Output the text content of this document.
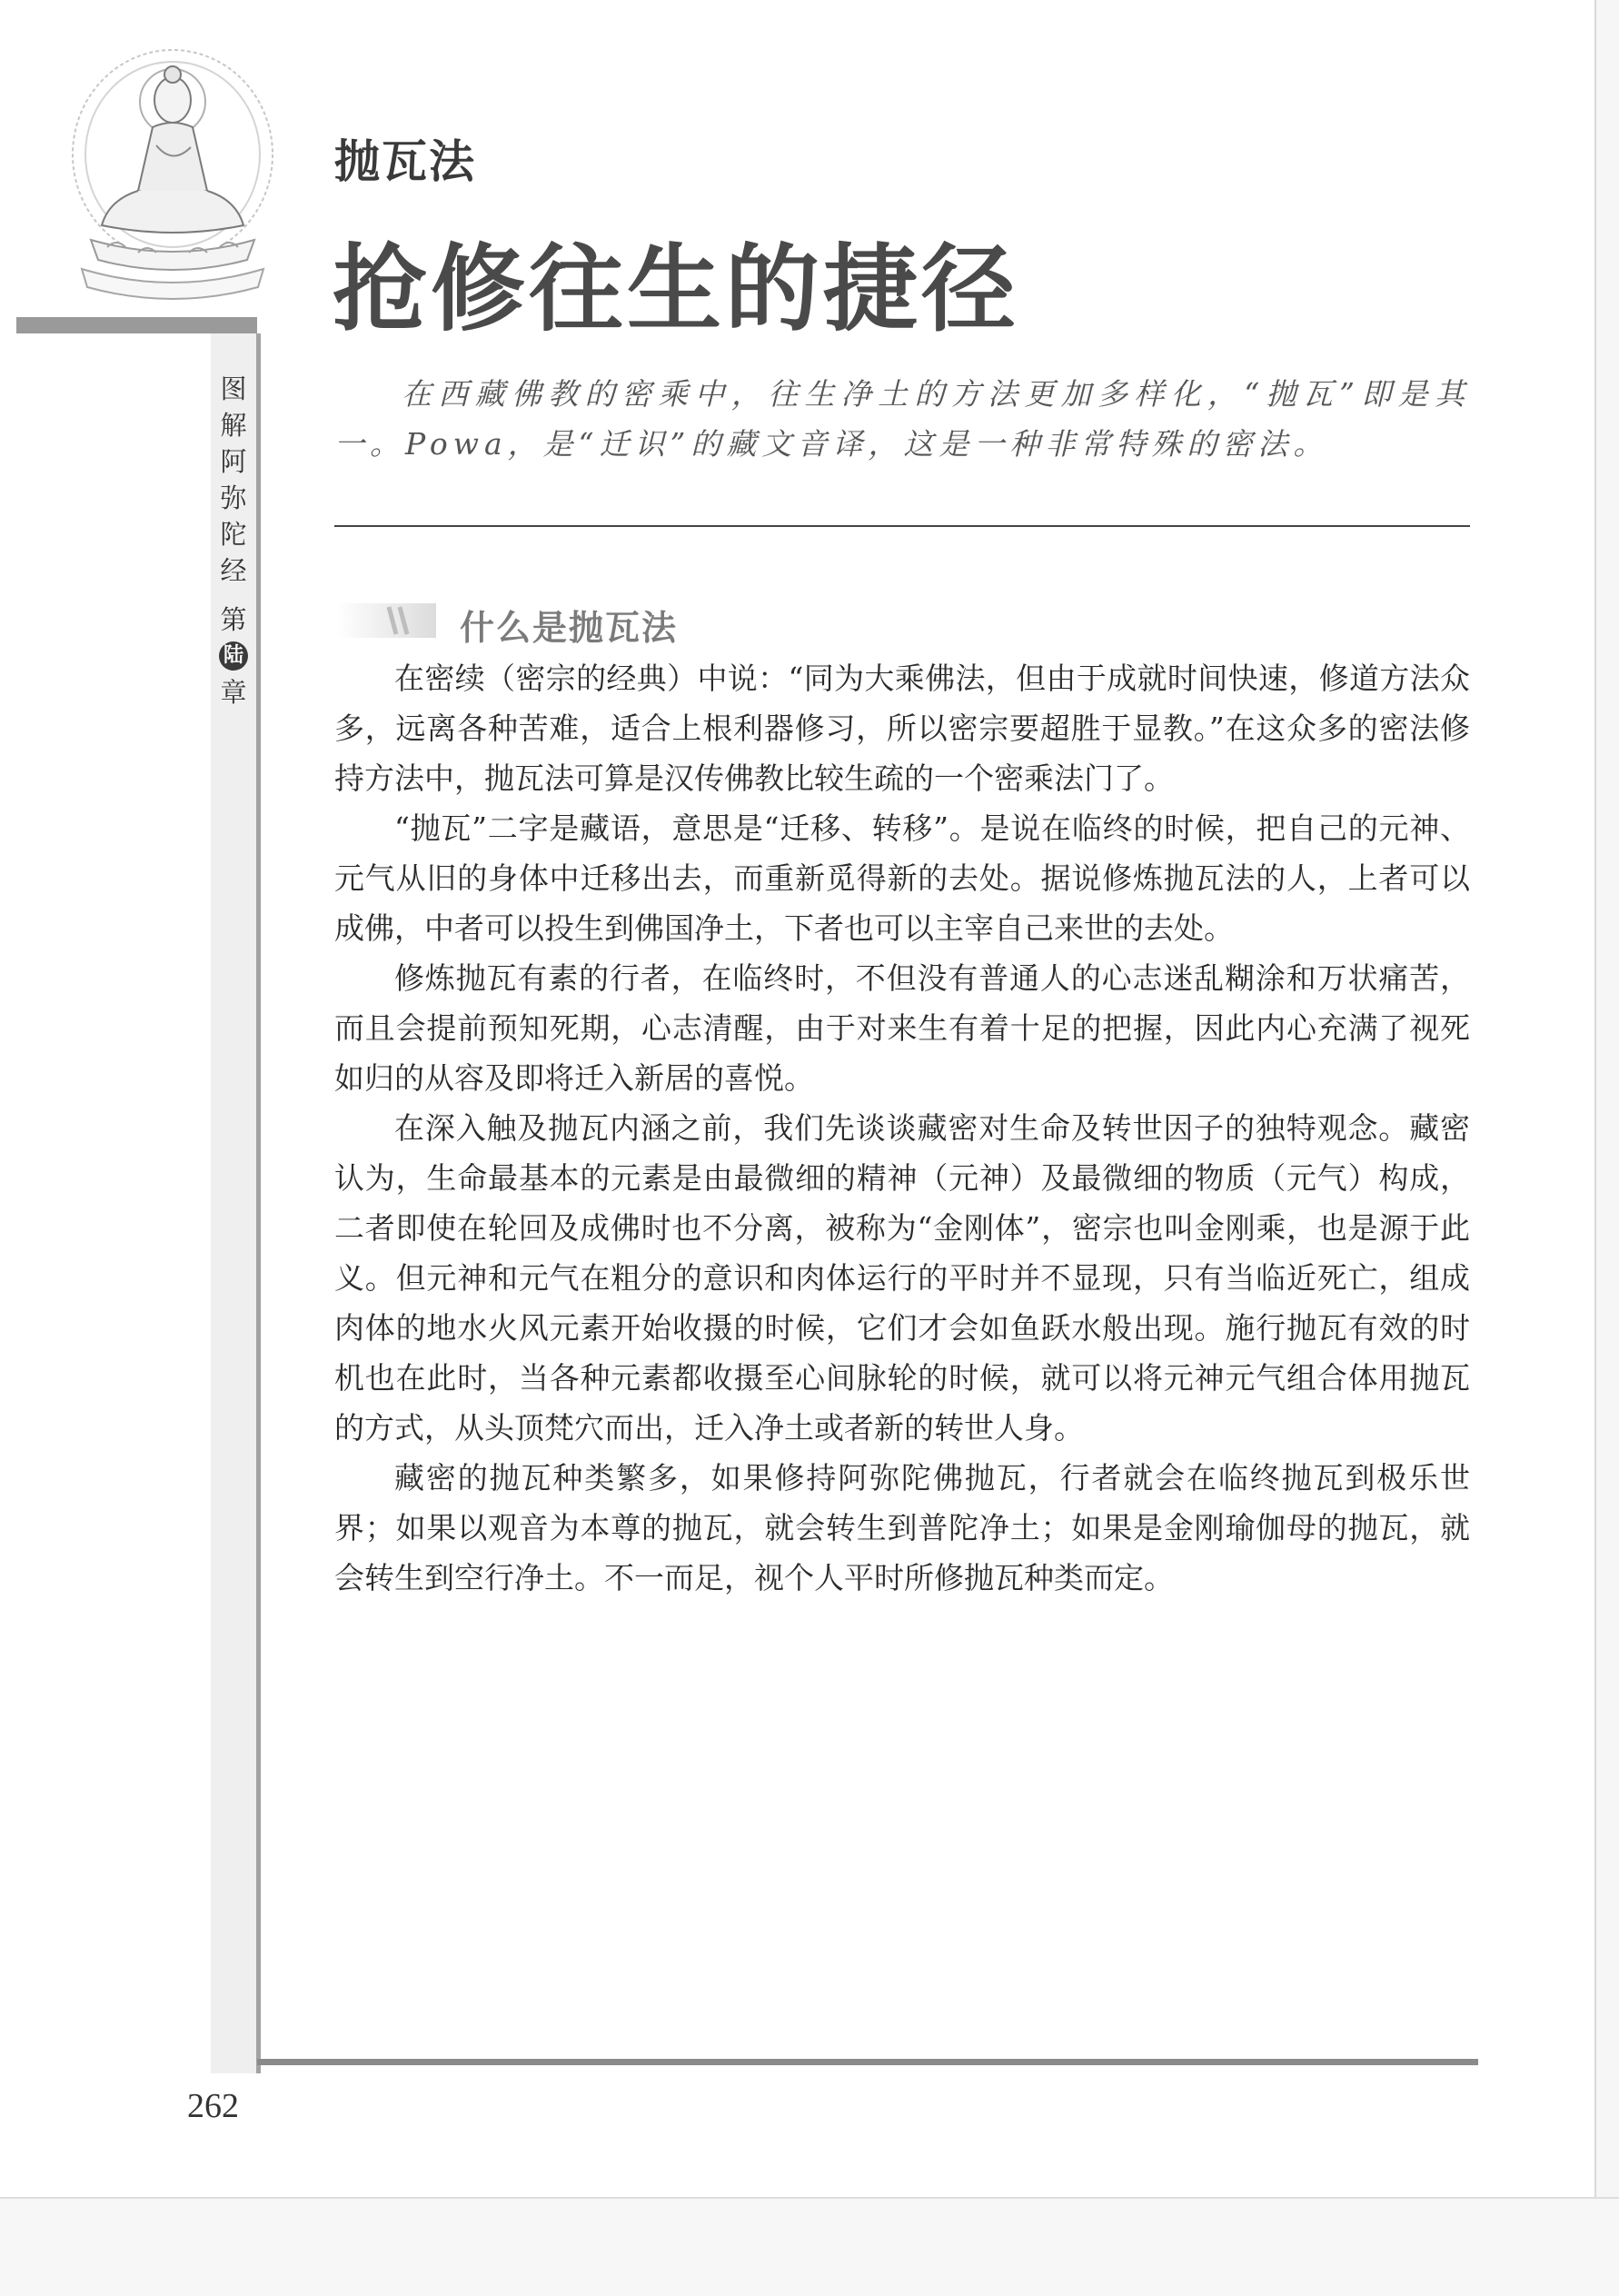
抛瓦法
抢修往生的捷径
图
解
阿
弥
陀
经
第
陆
章

在西藏佛教的密乘中，往生净土的方法更加多样化，“抛瓦”即是其一。Powa，是“迁识”的藏文音译，这是一种非常特殊的密法。

什么是抛瓦法

在密续（密宗的经典）中说：“同为大乘佛法，但由于成就时间快速，修道方法众多，远离各种苦难，适合上根利器修习，所以密宗要超胜于显教。”在这众多的密法修持方法中，抛瓦法可算是汉传佛教比较生疏的一个密乘法门了。

“抛瓦”二字是藏语，意思是“迁移、转移”。是说在临终的时候，把自己的元神、元气从旧的身体中迁移出去，而重新觅得新的去处。据说修炼抛瓦法的人，上者可以成佛，中者可以投生到佛国净土，下者也可以主宰自己来世的去处。

修炼抛瓦有素的行者，在临终时，不但没有普通人的心志迷乱糊涂和万状痛苦，而且会提前预知死期，心志清醒，由于对来生有着十足的把握，因此内心充满了视死如归的从容及即将迁入新居的喜悦。

在深入触及抛瓦内涵之前，我们先谈谈藏密对生命及转世因子的独特观念。藏密认为，生命最基本的元素是由最微细的精神（元神）及最微细的物质（元气）构成，二者即使在轮回及成佛时也不分离，被称为“金刚体”，密宗也叫金刚乘，也是源于此义。但元神和元气在粗分的意识和肉体运行的平时并不显现，只有当临近死亡，组成肉体的地水火风元素开始收摄的时候，它们才会如鱼跃水般出现。施行抛瓦有效的时机也在此时，当各种元素都收摄至心间脉轮的时候，就可以将元神元气组合体用抛瓦的方式，从头顶梵穴而出，迁入净土或者新的转世人身。

藏密的抛瓦种类繁多，如果修持阿弥陀佛抛瓦，行者就会在临终抛瓦到极乐世界；如果以观音为本尊的抛瓦，就会转生到普陀净土；如果是金刚瑜伽母的抛瓦，就会转生到空行净土。不一而足，视个人平时所修抛瓦种类而定。

262
